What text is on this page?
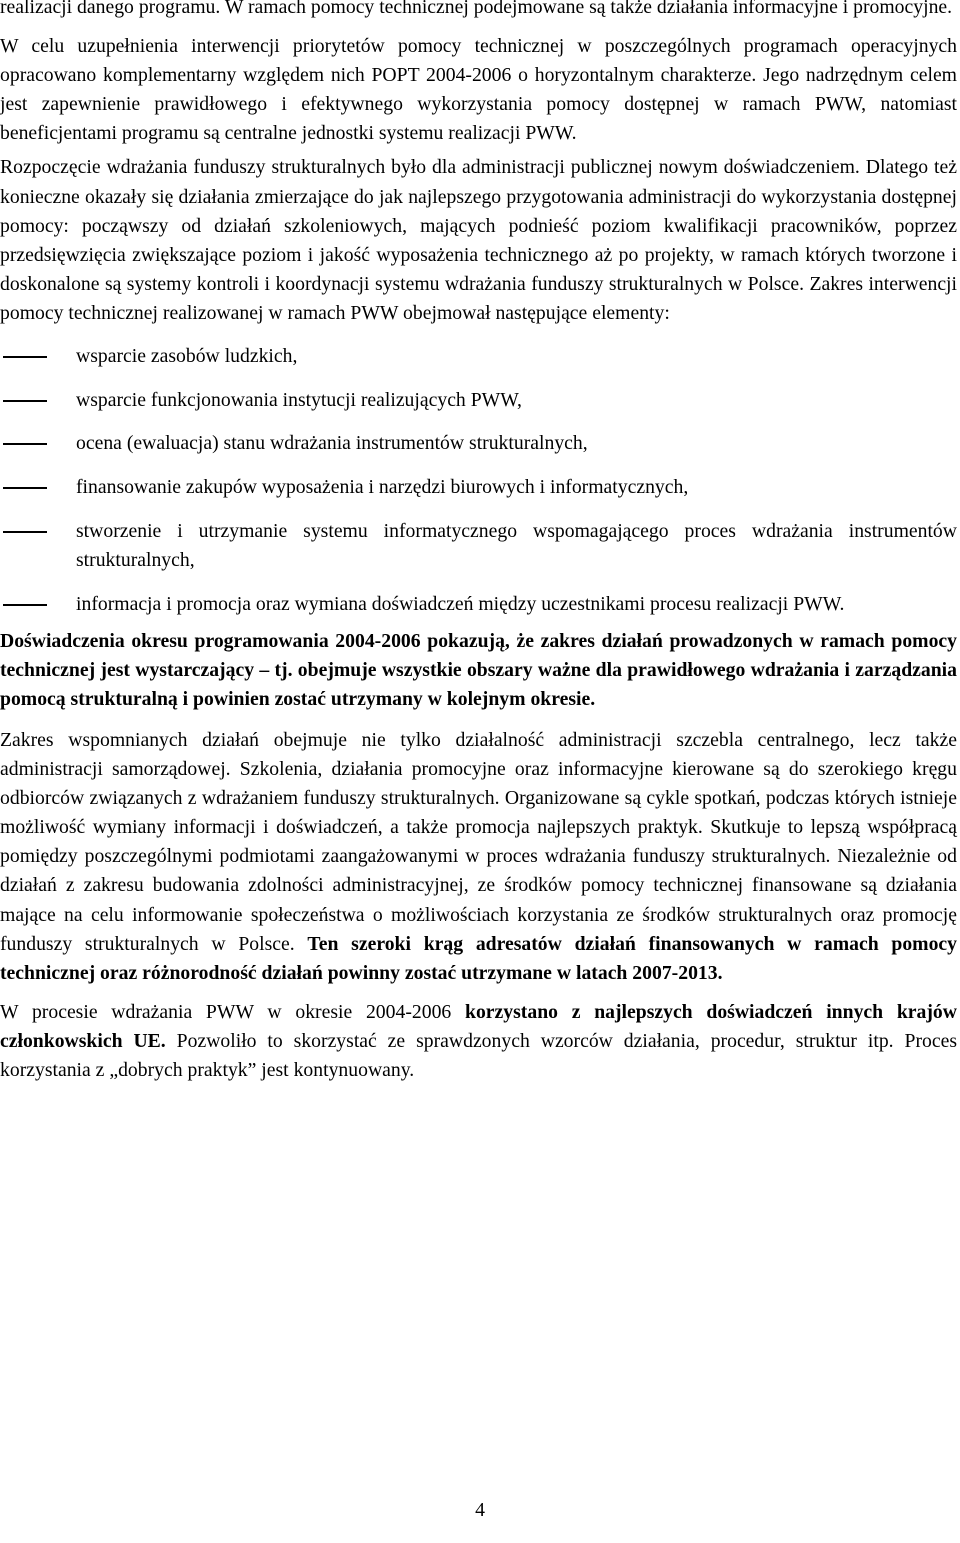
realizacji danego programu. W ramach pomocy technicznej podejmowane są także działania informacyjne i promocyjne.

W celu uzupełnienia interwencji priorytetów pomocy technicznej w poszczególnych programach operacyjnych opracowano komplementarny względem nich POPT 2004-2006 o horyzontalnym charakterze. Jego nadrzędnym celem jest zapewnienie prawidłowego i efektywnego wykorzystania pomocy dostępnej w ramach PWW, natomiast beneficjentami programu są centralne jednostki systemu realizacji PWW.

Rozpoczęcie wdrażania funduszy strukturalnych było dla administracji publicznej nowym doświadczeniem. Dlatego też konieczne okazały się działania zmierzające do jak najlepszego przygotowania administracji do wykorzystania dostępnej pomocy: począwszy od działań szkoleniowych, mających podnieść poziom kwalifikacji pracowników, poprzez przedsięwzięcia zwiększające poziom i jakość wyposażenia technicznego aż po projekty, w ramach których tworzone i doskonalone są systemy kontroli i koordynacji systemu wdrażania funduszy strukturalnych w Polsce. Zakres interwencji pomocy technicznej realizowanej w ramach PWW obejmował następujące elementy:

wsparcie zasobów ludzkich,
wsparcie funkcjonowania instytucji realizujących PWW,
ocena (ewaluacja) stanu wdrażania instrumentów strukturalnych,
finansowanie zakupów wyposażenia i narzędzi biurowych i informatycznych,
stworzenie i utrzymanie systemu informatycznego wspomagającego proces wdrażania instrumentów strukturalnych,
informacja i promocja oraz wymiana doświadczeń między uczestnikami procesu realizacji PWW.

Doświadczenia okresu programowania 2004-2006 pokazują, że zakres działań prowadzonych w ramach pomocy technicznej jest wystarczający – tj. obejmuje wszystkie obszary ważne dla prawidłowego wdrażania i zarządzania pomocą strukturalną i powinien zostać utrzymany w kolejnym okresie.

Zakres wspomnianych działań obejmuje nie tylko działalność administracji szczebla centralnego, lecz także administracji samorządowej. Szkolenia, działania promocyjne oraz informacyjne kierowane są do szerokiego kręgu odbiorców związanych z wdrażaniem funduszy strukturalnych. Organizowane są cykle spotkań, podczas których istnieje możliwość wymiany informacji i doświadczeń, a także promocja najlepszych praktyk. Skutkuje to lepszą współpracą pomiędzy poszczególnymi podmiotami zaangażowanymi w proces wdrażania funduszy strukturalnych. Niezależnie od działań z zakresu budowania zdolności administracyjnej, ze środków pomocy technicznej finansowane są działania mające na celu informowanie społeczeństwa o możliwościach korzystania ze środków strukturalnych oraz promocję funduszy strukturalnych w Polsce. Ten szeroki krąg adresatów działań finansowanych w ramach pomocy technicznej oraz różnorodność działań powinny zostać utrzymane w latach 2007-2013.

W procesie wdrażania PWW w okresie 2004-2006 korzystano z najlepszych doświadczeń innych krajów członkowskich UE. Pozwoliło to skorzystać ze sprawdzonych wzorców działania, procedur, struktur itp. Proces korzystania z „dobrych praktyk” jest kontynuowany.

4
